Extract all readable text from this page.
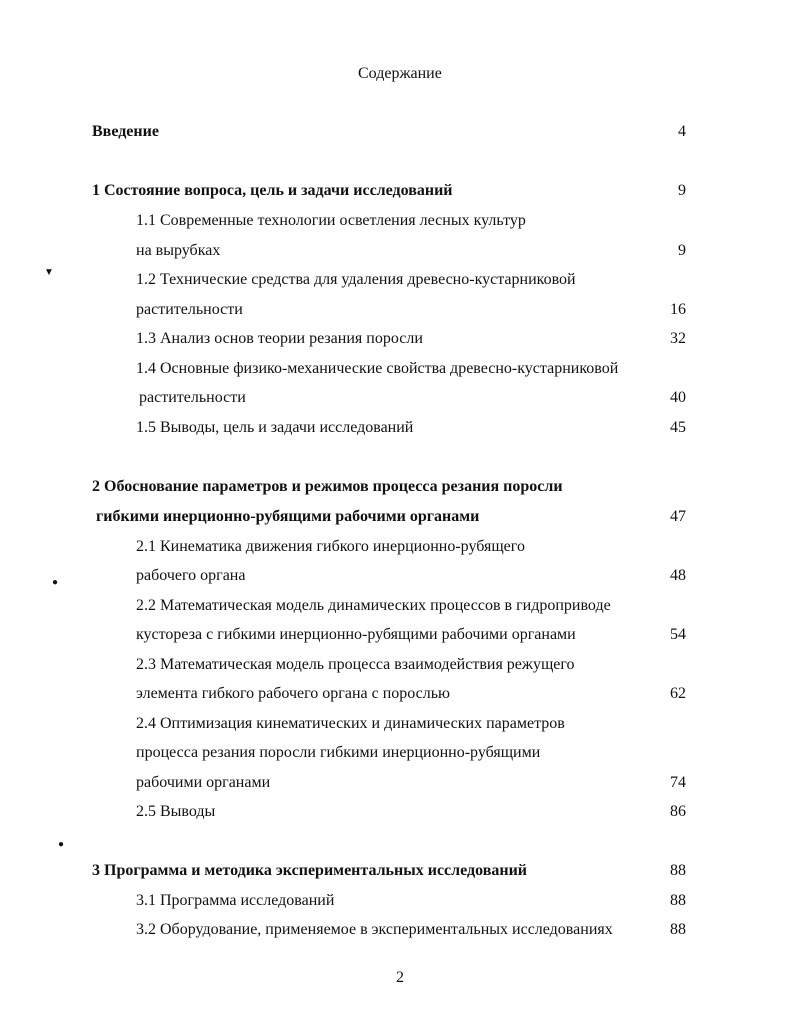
Содержание
Введение	4
1 Состояние вопроса, цель и задачи исследований	9
1.1 Современные технологии осветления лесных культур
на вырубках	9
1.2 Технические средства для удаления древесно-кустарниковой
растительности	16
1.3 Анализ основ теории резания поросли	32
1.4 Основные физико-механические свойства древесно-кустарниковой
растительности	40
1.5 Выводы, цель и задачи исследований	45
2 Обоснование параметров и режимов процесса резания поросли
гибкими инерционно-рубящими рабочими органами	47
2.1 Кинематика движения гибкого инерционно-рубящего
рабочего органа	48
2.2 Математическая модель динамических процессов в гидроприводе
кустореза с гибкими инерционно-рубящими рабочими органами	54
2.3 Математическая модель процесса взаимодействия режущего
элемента гибкого рабочего органа с порослью	62
2.4 Оптимизация кинематических и динамических параметров
процесса резания поросли гибкими инерционно-рубящими
рабочими органами	74
2.5 Выводы	86
3 Программа и методика экспериментальных исследований	88
3.1 Программа исследований	88
3.2 Оборудование, применяемое в экспериментальных исследованиях	88
2
▼
●
●
